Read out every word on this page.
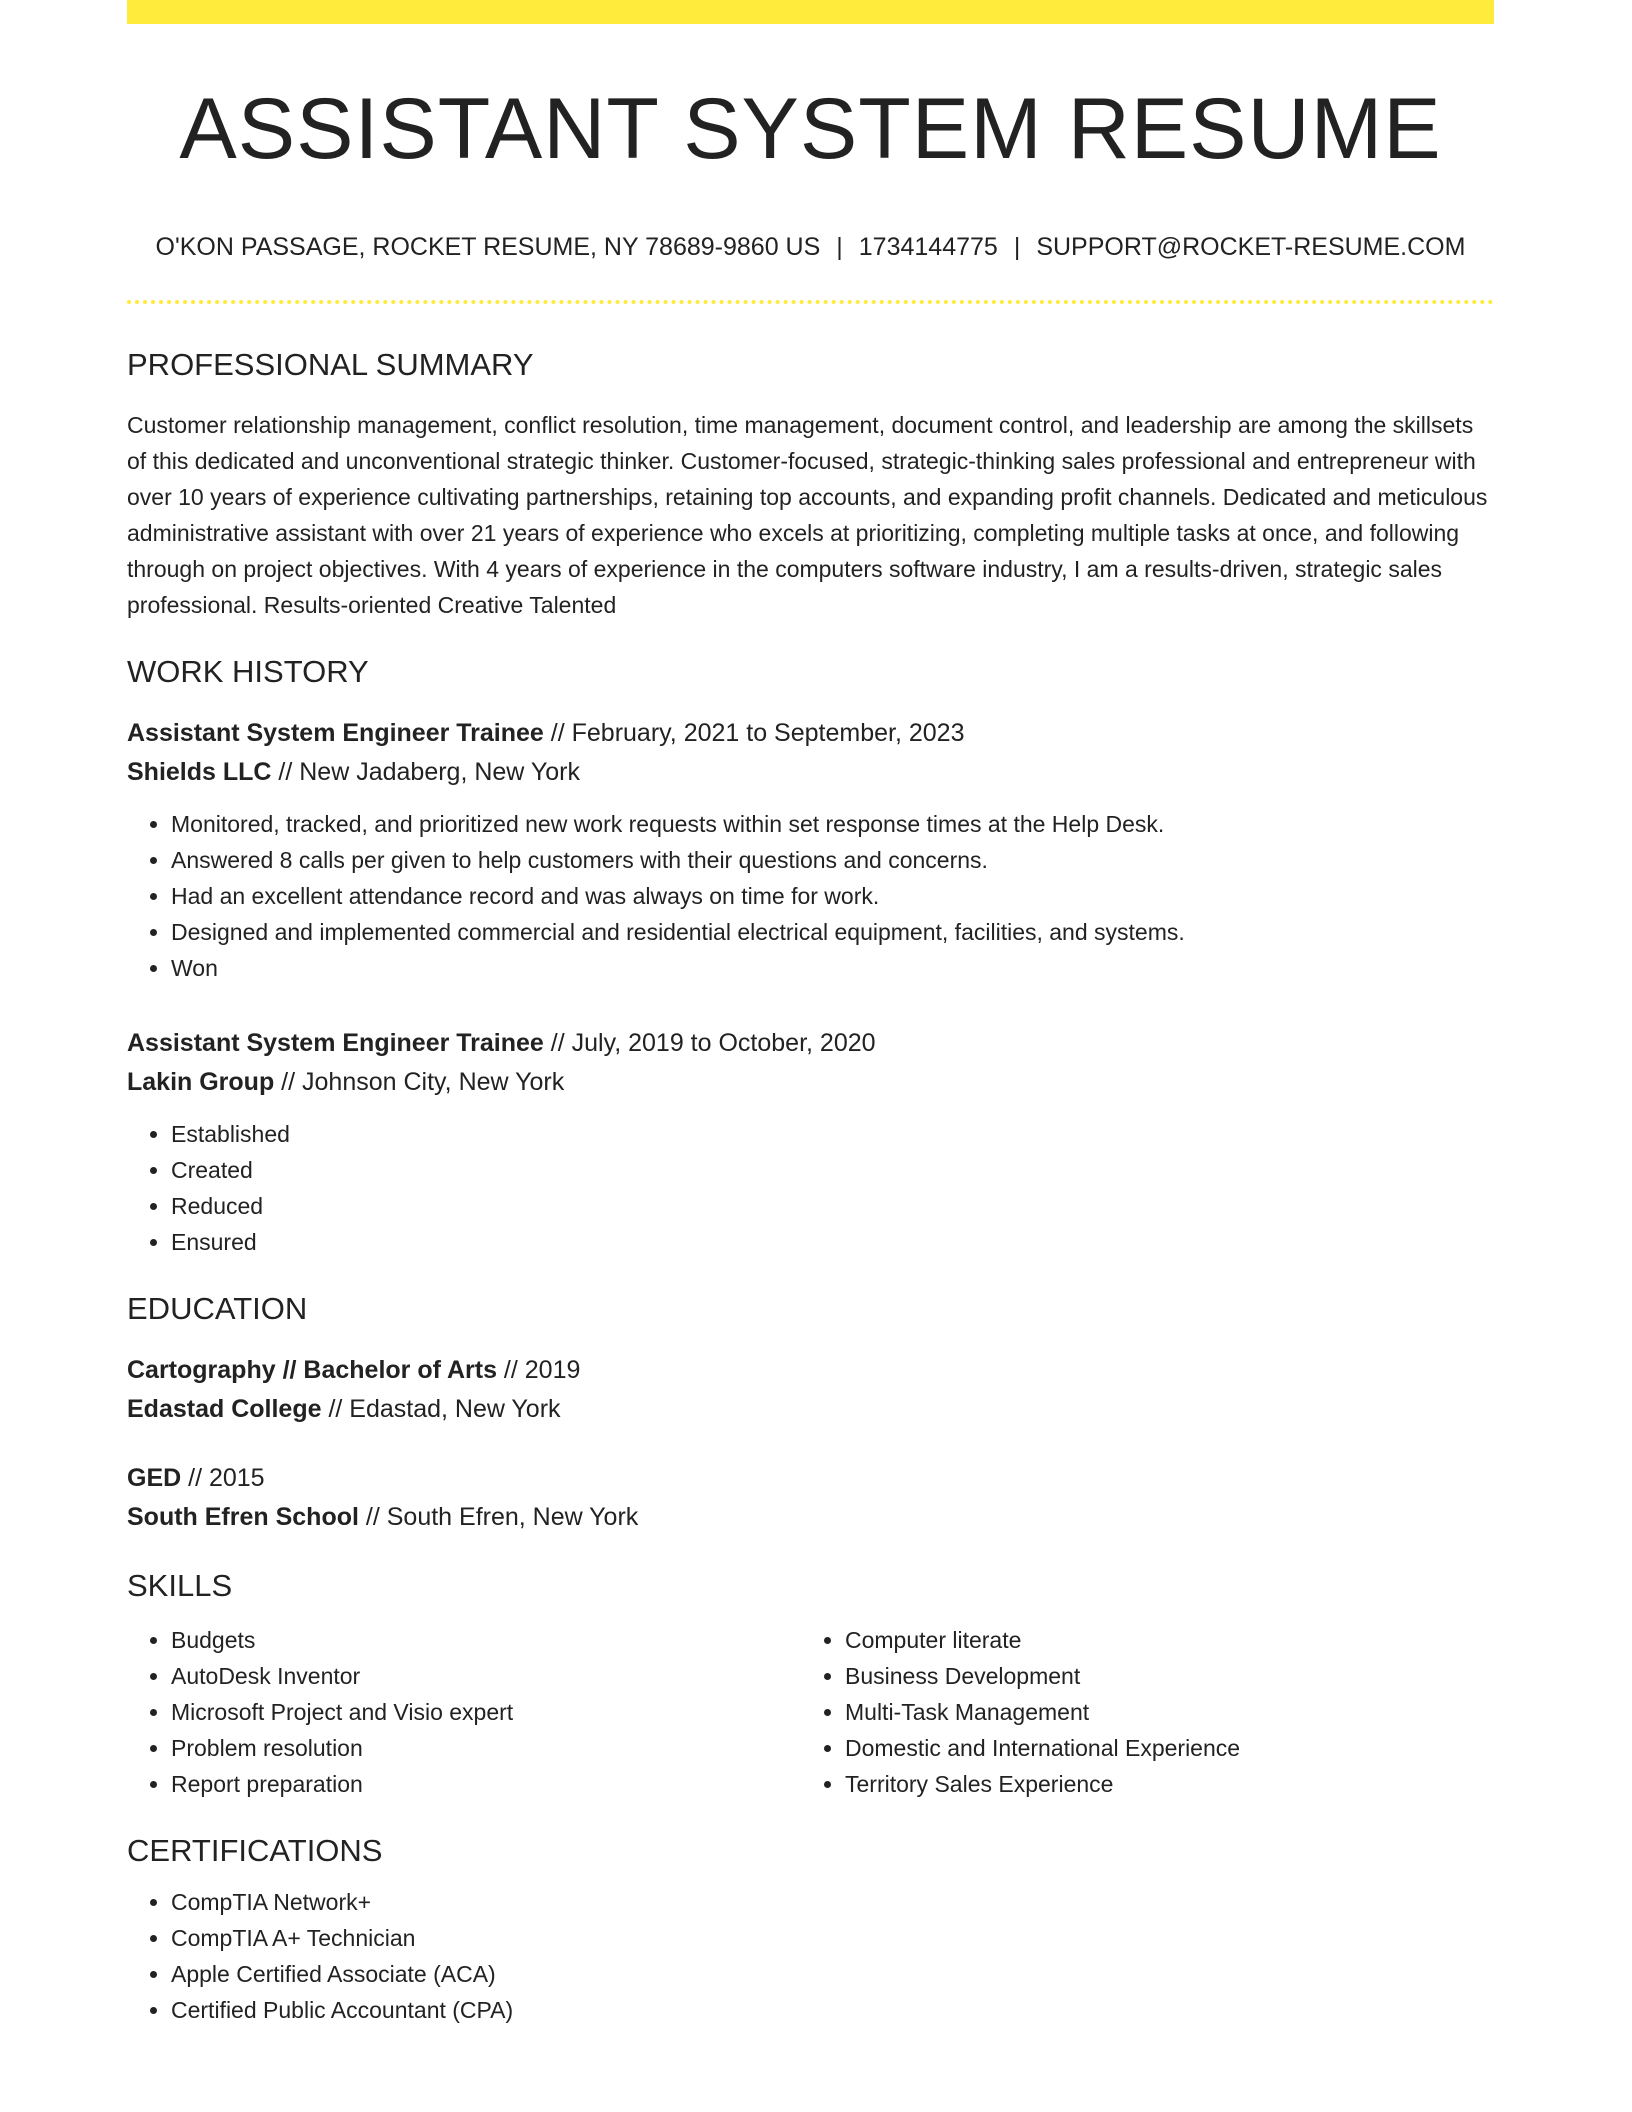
ASSISTANT SYSTEM RESUME
O'KON PASSAGE, ROCKET RESUME, NY 78689-9860 US | 1734144775 | SUPPORT@ROCKET-RESUME.COM
PROFESSIONAL SUMMARY

Customer relationship management, conflict resolution, time management, document control, and leadership are among the skillsets of this dedicated and unconventional strategic thinker. Customer-focused, strategic-thinking sales professional and entrepreneur with over 10 years of experience cultivating partnerships, retaining top accounts, and expanding profit channels. Dedicated and meticulous administrative assistant with over 21 years of experience who excels at prioritizing, completing multiple tasks at once, and following through on project objectives. With 4 years of experience in the computers software industry, I am a results-driven, strategic sales professional. Results-oriented Creative Talented

WORK HISTORY
Assistant System Engineer Trainee // February, 2021 to September, 2023
Shields LLC // New Jadaberg, New York
• Monitored, tracked, and prioritized new work requests within set response times at the Help Desk.
• Answered 8 calls per given to help customers with their questions and concerns.
• Had an excellent attendance record and was always on time for work.
• Designed and implemented commercial and residential electrical equipment, facilities, and systems.
• Won
Assistant System Engineer Trainee // July, 2019 to October, 2020
Lakin Group // Johnson City, New York
• Established
• Created
• Reduced
• Ensured
EDUCATION
Cartography // Bachelor of Arts // 2019
Edastad College // Edastad, New York
GED // 2015
South Efren School // South Efren, New York
SKILLS
• Budgets
• AutoDesk Inventor
• Microsoft Project and Visio expert
• Problem resolution
• Report preparation
• Computer literate
• Business Development
• Multi-Task Management
• Domestic and International Experience
• Territory Sales Experience
CERTIFICATIONS
• CompTIA Network+
• CompTIA A+ Technician
• Apple Certified Associate (ACA)
• Certified Public Accountant (CPA)
